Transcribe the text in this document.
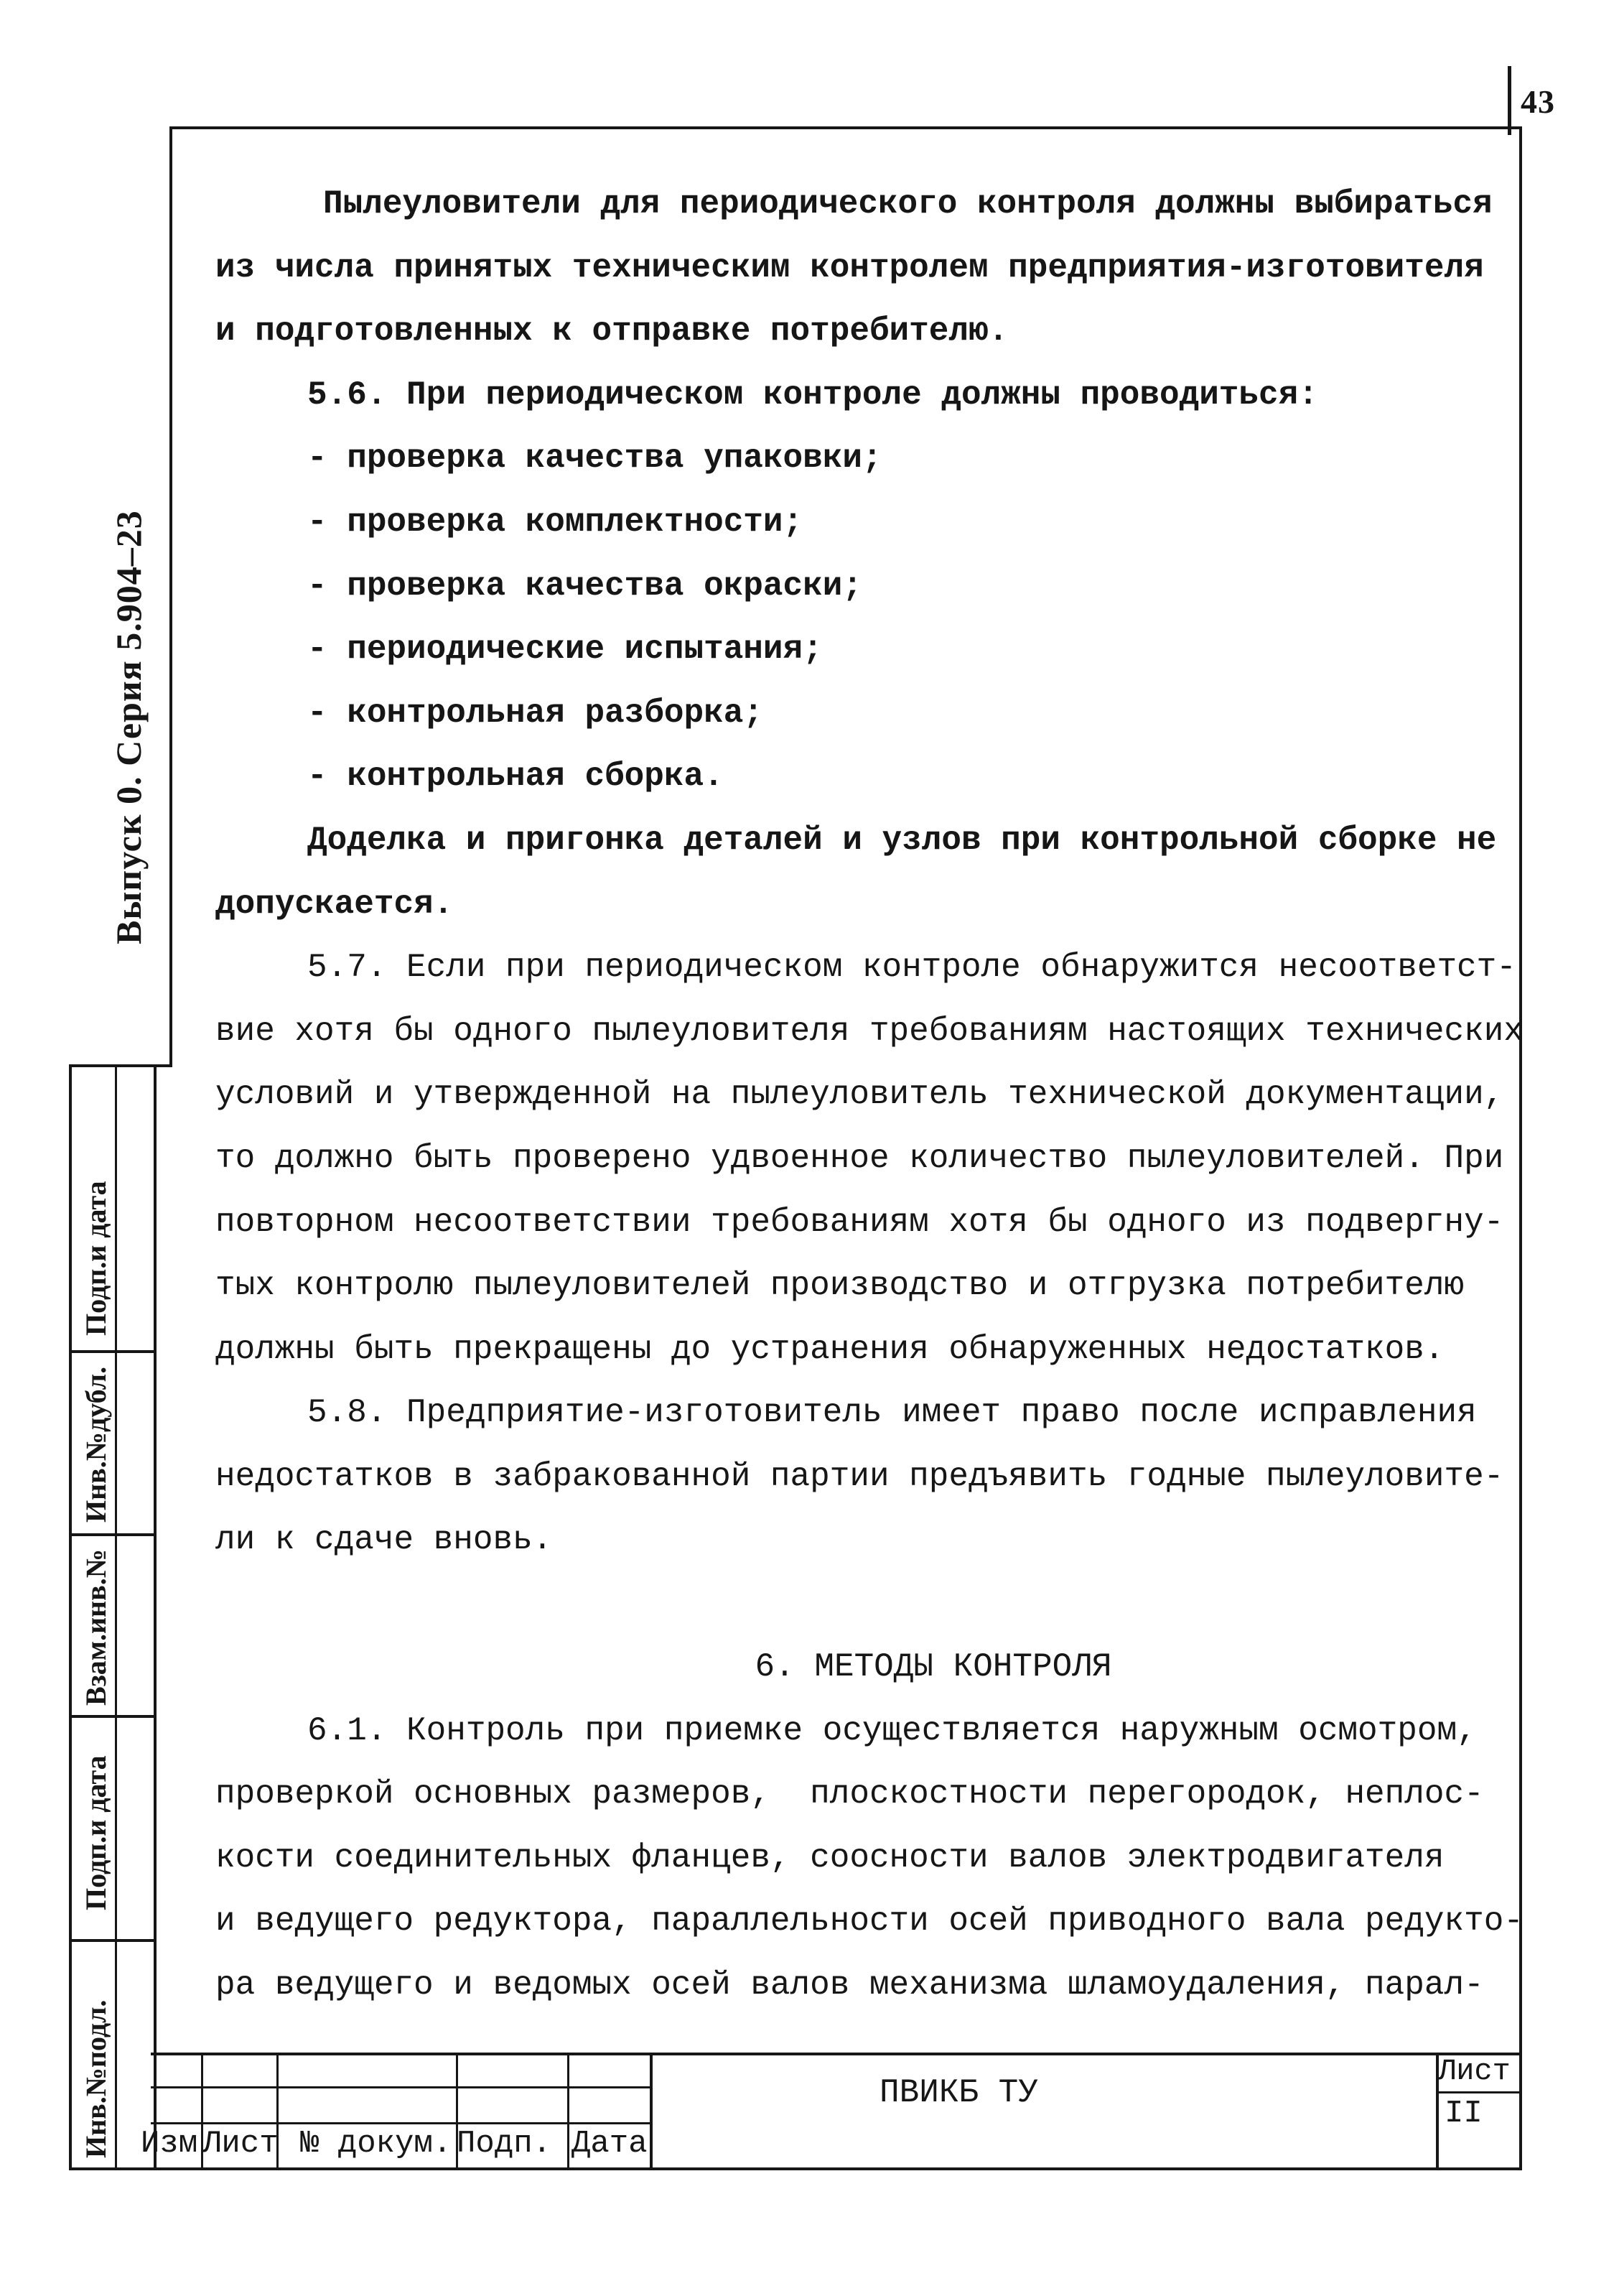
43
Выпуск 0. Серия 5.904–23
Подп.и дата
Инв.№дубл.
Взам.инв.№
Подп.и дата
Инв.№подл.

Пылеуловители для периодического контроля должны выбираться

из числа принятых техническим контролем предприятия-изготовителя

и подготовленных к отправке потребителю.

5.6. При периодическом контроле должны проводиться:

- проверка качества упаковки;

- проверка комплектности;

- проверка качества окраски;

- периодические испытания;

- контрольная разборка;

- контрольная сборка.

Доделка и пригонка деталей и узлов при контрольной сборке не

допускается.

5.7. Если при периодическом контроле обнаружится несоответст-

вие хотя бы одного пылеуловителя требованиям настоящих технических

условий и утвержденной на пылеуловитель технической документации,

то должно быть проверено удвоенное количество пылеуловителей. При

повторном несоответствии требованиям хотя бы одного из подвергну-

тых контролю пылеуловителей производство и отгрузка потребителю

должны быть прекращены до устранения обнаруженных недостатков.

5.8. Предприятие-изготовитель имеет право после исправления

недостатков в забракованной партии предъявить годные пылеуловите-

ли к сдаче вновь.

6. МЕТОДЫ КОНТРОЛЯ

6.1. Контроль при приемке осуществляется наружным осмотром,

проверкой основных размеров,  плоскостности перегородок, неплос-

кости соединительных фланцев, соосности валов электродвигателя

и ведущего редуктора, параллельности осей приводного вала редукто-

ра ведущего и ведомых осей валов механизма шламоудаления, парал-

Изм Лист № докум. Подп. Дата
ПВИКБ ТУ
Лист
II
